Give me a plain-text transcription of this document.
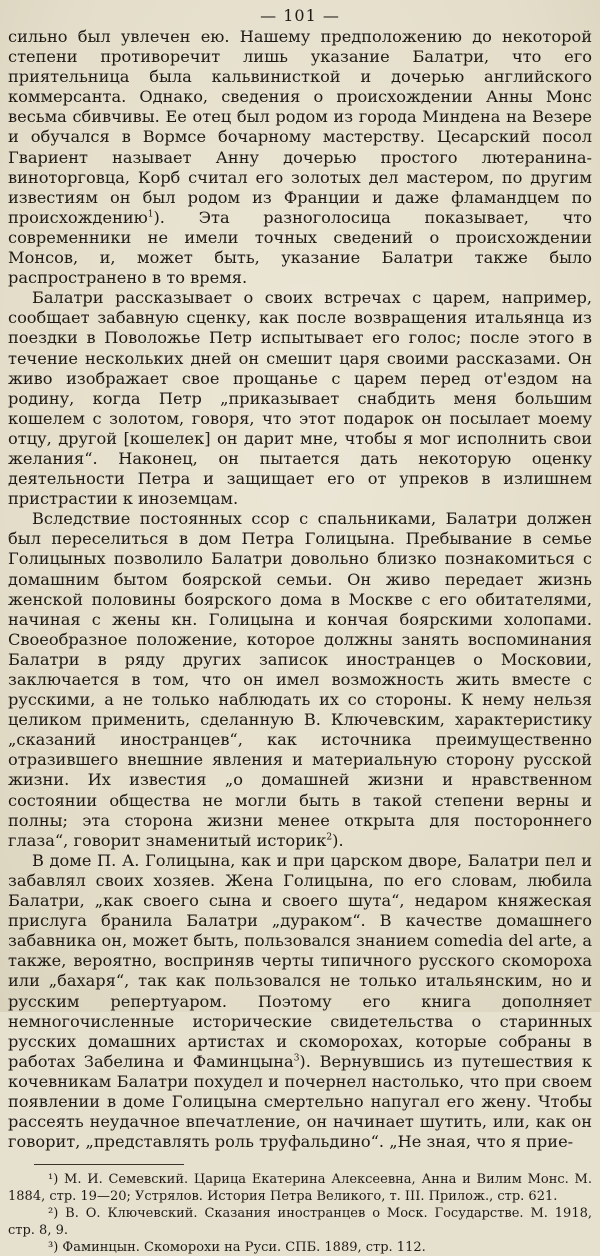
— 101 —

сильно был увлечен ею. Нашему предположению до некоторой степени противоречит лишь указание Балатри, что его приятельница была кальвинисткой и дочерью английского коммерсанта. Однако, сведения о происхождении Анны Монс весьма сбивчивы. Ее отец был родом из города Миндена на Везере и обучался в Вормсе бочарному мастерству. Цесарский посол Гвариент называет Анну дочерью простого лютеранина-виноторговца, Корб считал его золотых дел мастером, по другим известиям он был родом из Франции и даже фламандцем по происхождению$^1$). Эта разноголосица показывает, что современники не имели точных сведений о происхождении Монсов, и, может быть, указание Балатри также было распространено в то время.

Балатри рассказывает о своих встречах с царем, например, сообщает забавную сценку, как после возвращения итальянца из поездки в Поволожье Петр испытывает его голос; после этого в течение нескольких дней он смешит царя своими рассказами. Он живо изображает свое прощанье с царем перед от'ездом на родину, когда Петр „приказывает снабдить меня большим кошелем с золотом, говоря, что этот подарок он посылает моему отцу, другой [кошелек] он дарит мне, чтобы я мог исполнить свои желания“. Наконец, он пытается дать некоторую оценку деятельности Петра и защищает его от упреков в излишнем пристрастии к иноземцам.

Вследствие постоянных ссор с спальниками, Балатри должен был переселиться в дом Петра Голицына. Пребывание в семье Голицыных позволило Балатри довольно близко познакомиться с домашним бытом боярской семьи. Он живо передает жизнь женской половины боярского дома в Москве с его обитателями, начиная с жены кн. Голицына и кончая боярскими холопами. Своеобразное положение, которое должны занять воспоминания Балатри в ряду других записок иностранцев о Московии, заключается в том, что он имел возможность жить вместе с русскими, а не только наблюдать их со стороны. К нему нельзя целиком применить, сделанную В. Ключевским, характеристику „сказаний иностранцев“, как источника преимущественно отразившего внешние явления и материальную сторону русской жизни. Их известия „о домашней жизни и нравственном состоянии общества не могли быть в такой степени верны и полны; эта сторона жизни менее открыта для постороннего глаза“, говорит знаменитый историк$^2$).

В доме П. А. Голицына, как и при царском дворе, Балатри пел и забавлял своих хозяев. Жена Голицына, по его словам, любила Балатри, „как своего сына и своего шута“, недаром княжеская прислуга бранила Балатри „дураком“. В качестве домашнего забавника он, может быть, пользовался знанием comedia del arte, а также, вероятно, восприняв черты типичного русского скомороха или „бахаря“, так как пользовался не только итальянским, но и русским репертуаром. Поэтому его книга дополняет немногочисленные исторические свидетельства о старинных русских домашних артистах и скоморохах, которые собраны в работах Забелина и Фаминцына$^3$). Вернувшись из путешествия к кочевникам Балатри похудел и почернел настолько, что при своем появлении в доме Голицына смертельно напугал его жену. Чтобы рассеять неудачное впечатление, он начинает шутить, или, как он говорит, „представлять роль труфальдино“. „Не зная, что я прие-

¹) М. И. Семевский. Царица Екатерина Алексеевна, Анна и Вилим Монс. М. 1884, стр. 19—20; Устрялов. История Петра Великого, т. III. Прилож., стр. 621.

²) В. О. Ключевский. Сказания иностранцев о Моск. Государстве. М. 1918, стр. 8, 9.

³) Фаминцын. Скоморохи на Руси. СПБ. 1889, стр. 112.
